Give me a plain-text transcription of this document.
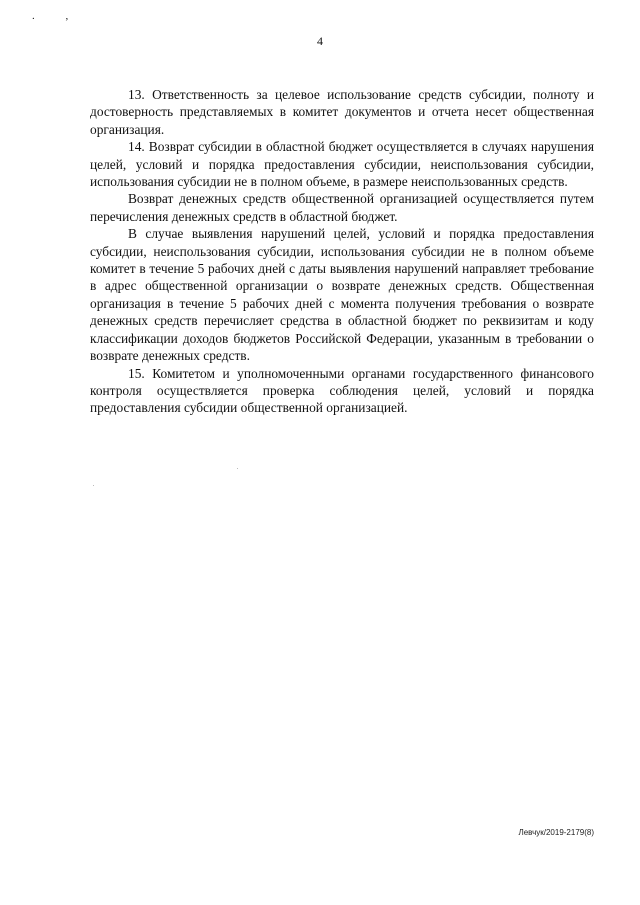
. ,
4

13. Ответственность за целевое использование средств субсидии, полноту и достоверность представляемых в комитет документов и отчета несет общественная организация.

14. Возврат субсидии в областной бюджет осуществляется в случаях нарушения целей, условий и порядка предоставления субсидии, неиспользования субсидии, использования субсидии не в полном объеме, в размере неиспользованных средств.

Возврат денежных средств общественной организацией осуществляется путем перечисления денежных средств в областной бюджет.

В случае выявления нарушений целей, условий и порядка предоставления субсидии, неиспользования субсидии, использования субсидии не в полном объеме комитет в течение 5 рабочих дней с даты выявления нарушений направляет требование в адрес общественной организации о возврате денежных средств. Общественная организация в течение 5 рабочих дней с момента получения требования о возврате денежных средств перечисляет средства в областной бюджет по реквизитам и коду классификации доходов бюджетов Российской Федерации, указанным в требовании о возврате денежных средств.

15. Комитетом и уполномоченными органами государственного финансового контроля осуществляется проверка соблюдения целей, условий и порядка предоставления субсидии общественной организацией.

Левчук/2019-2179(8)
